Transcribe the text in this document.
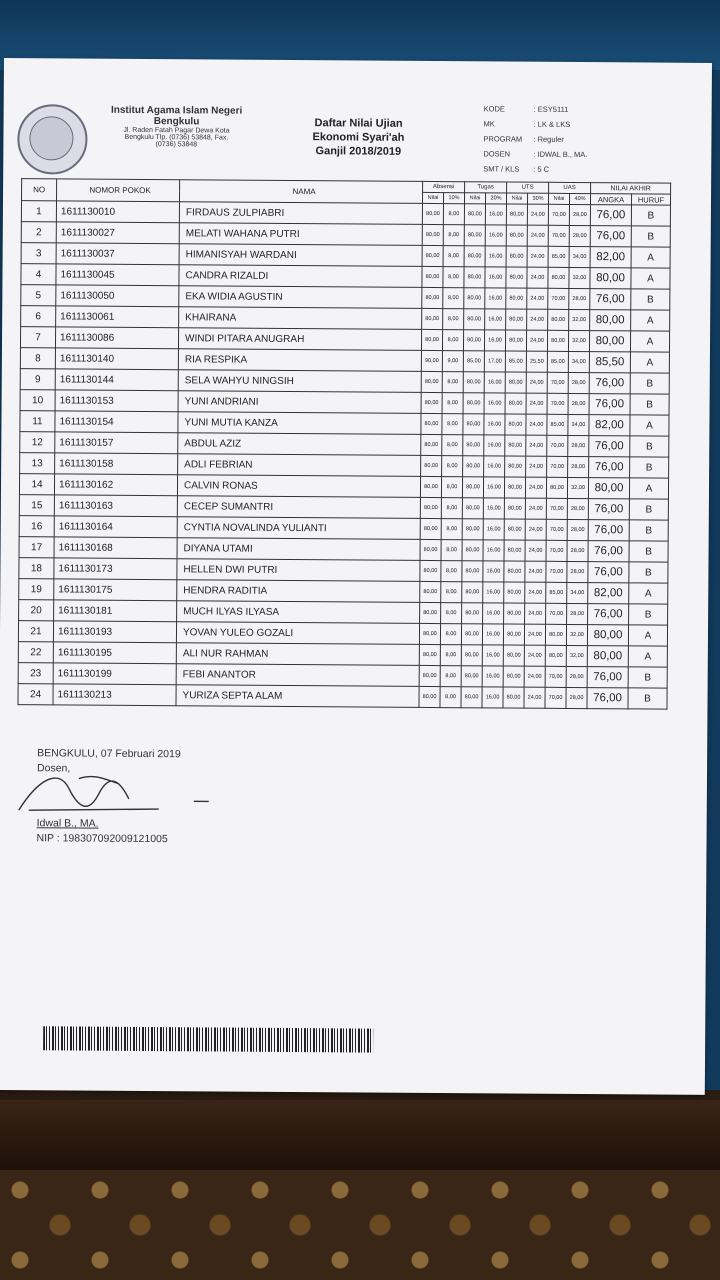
Institut Agama Islam Negeri
Bengkulu
Jl. Raden Fatah Pagar Dewa Kota
Bengkulu Tlp. (0736) 53848, Fax.
(0736) 53848
Daftar Nilai Ujian
Ekonomi Syari'ah
Ganjil 2018/2019
KODE	: ESY5111
MK	: LK & LKS
PROGRAM	: Reguler
DOSEN	: IDWAL B., MA.
SMT / KLS	: 5 C
NO	NOMOR POKOK	NAMA	Absensi		Tugas		UTS		UAS		NILAI AKHIR	
			Nilai	10%	Nilai	20%	Nilai	30%	Nilai	40%	ANGKA	HURUF
1	1611130010	FIRDAUS ZULPIABRI	80,00	8,00	80,00	16,00	80,00	24,00	70,00	28,00	76,00	B
2	1611130027	MELATI WAHANA PUTRI	80,00	8,00	80,00	16,00	80,00	24,00	70,00	28,00	76,00	B
3	1611130037	HIMANISYAH WARDANI	80,00	8,00	80,00	16,00	80,00	24,00	85,00	34,00	82,00	A
4	1611130045	CANDRA RIZALDI	80,00	8,00	80,00	16,00	80,00	24,00	80,00	32,00	80,00	A
5	1611130050	EKA WIDIA AGUSTIN	80,00	8,00	80,00	16,00	80,00	24,00	70,00	28,00	76,00	B
6	1611130061	KHAIRANA	80,00	8,00	80,00	16,00	80,00	24,00	80,00	32,00	80,00	A
7	1611130086	WINDI PITARA ANUGRAH	80,00	8,00	80,00	16,00	80,00	24,00	80,00	32,00	80,00	A
8	1611130140	RIA RESPIKA	90,00	9,00	85,00	17,00	85,00	25,50	85,00	34,00	85,50	A
9	1611130144	SELA WAHYU NINGSIH	80,00	8,00	80,00	16,00	80,00	24,00	70,00	28,00	76,00	B
10	1611130153	YUNI ANDRIANI	80,00	8,00	80,00	16,00	80,00	24,00	70,00	28,00	76,00	B
11	1611130154	YUNI MUTIA KANZA	80,00	8,00	80,00	16,00	80,00	24,00	85,00	34,00	82,00	A
12	1611130157	ABDUL AZIZ	80,00	8,00	80,00	16,00	80,00	24,00	70,00	28,00	76,00	B
13	1611130158	ADLI FEBRIAN	80,00	8,00	80,00	16,00	80,00	24,00	70,00	28,00	76,00	B
14	1611130162	CALVIN RONAS	80,00	8,00	80,00	16,00	80,00	24,00	80,00	32,00	80,00	A
15	1611130163	CECEP SUMANTRI	80,00	8,00	80,00	16,00	80,00	24,00	70,00	28,00	76,00	B
16	1611130164	CYNTIA NOVALINDA YULIANTI	80,00	8,00	80,00	16,00	80,00	24,00	70,00	28,00	76,00	B
17	1611130168	DIYANA UTAMI	80,00	8,00	80,00	16,00	80,00	24,00	70,00	28,00	76,00	B
18	1611130173	HELLEN DWI PUTRI	80,00	8,00	80,00	16,00	80,00	24,00	70,00	28,00	76,00	B
19	1611130175	HENDRA RADITIA	80,00	8,00	80,00	16,00	80,00	24,00	85,00	34,00	82,00	A
20	1611130181	MUCH ILYAS ILYASA	80,00	8,00	80,00	16,00	80,00	24,00	70,00	28,00	76,00	B
21	1611130193	YOVAN YULEO GOZALI	80,00	8,00	80,00	16,00	80,00	24,00	80,00	32,00	80,00	A
22	1611130195	ALI NUR RAHMAN	80,00	8,00	80,00	16,00	80,00	24,00	80,00	32,00	80,00	A
23	1611130199	FEBI ANANTOR	80,00	8,00	80,00	16,00	80,00	24,00	70,00	28,00	76,00	B
24	1611130213	YURIZA SEPTA ALAM	80,00	8,00	80,00	16,00	80,00	24,00	70,00	28,00	76,00	B
BENGKULU, 07 Februari 2019
Dosen,
Idwal B., MA.
NIP : 198307092009121005
